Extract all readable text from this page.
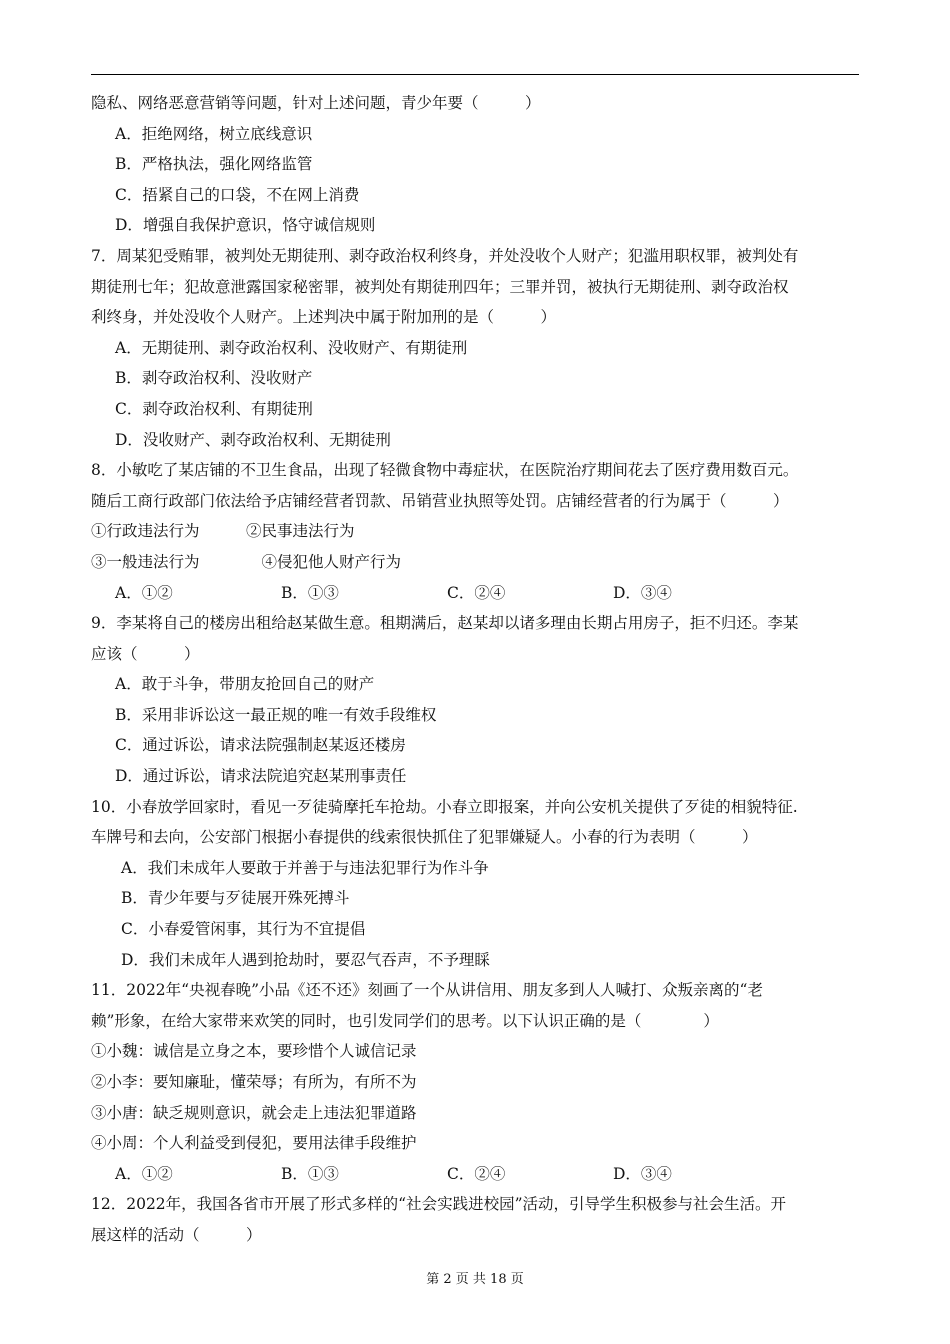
隐私、网络恶意营销等问题，针对上述问题，青少年要（　　　）
A．拒绝网络，树立底线意识
B．严格执法，强化网络监管
C．捂紧自己的口袋，不在网上消费
D．增强自我保护意识，恪守诚信规则
7．周某犯受贿罪，被判处无期徒刑、剥夺政治权利终身，并处没收个人财产；犯滥用职权罪，被判处有
期徒刑七年；犯故意泄露国家秘密罪，被判处有期徒刑四年；三罪并罚，被执行无期徒刑、剥夺政治权
利终身，并处没收个人财产。上述判决中属于附加刑的是（　　　）
A．无期徒刑、剥夺政治权利、没收财产、有期徒刑
B．剥夺政治权利、没收财产
C．剥夺政治权利、有期徒刑
D．没收财产、剥夺政治权利、无期徒刑
8．小敏吃了某店铺的不卫生食品，出现了轻微食物中毒症状，在医院治疗期间花去了医疗费用数百元。
随后工商行政部门依法给予店铺经营者罚款、吊销营业执照等处罚。店铺经营者的行为属于（　　　）
①行政违法行为　　　②民事违法行为
③一般违法行为　　　　④侵犯他人财产行为
A．①②	B．①③	C．②④	D．③④
9．李某将自己的楼房出租给赵某做生意。租期满后，赵某却以诸多理由长期占用房子，拒不归还。李某
应该（　　　）
A．敢于斗争，带朋友抢回自己的财产
B．采用非诉讼这一最正规的唯一有效手段维权
C．通过诉讼，请求法院强制赵某返还楼房
D．通过诉讼，请求法院追究赵某刑事责任
10．小春放学回家时，看见一歹徒骑摩托车抢劫。小春立即报案，并向公安机关提供了歹徒的相貌特征.
车牌号和去向，公安部门根据小春提供的线索很快抓住了犯罪嫌疑人。小春的行为表明（　　　）
A．我们未成年人要敢于并善于与违法犯罪行为作斗争
B．青少年要与歹徒展开殊死搏斗
C．小春爱管闲事，其行为不宜提倡
D．我们未成年人遇到抢劫时，要忍气吞声，不予理睬
11．2022年“央视春晚”小品《还不还》刻画了一个从讲信用、朋友多到人人喊打、众叛亲离的“老
赖”形象，在给大家带来欢笑的同时，也引发同学们的思考。以下认识正确的是（　　　　）
①小魏：诚信是立身之本，要珍惜个人诚信记录
②小李：要知廉耻，懂荣辱；有所为，有所不为
③小唐：缺乏规则意识，就会走上违法犯罪道路
④小周：个人利益受到侵犯，要用法律手段维护
A．①②	B．①③	C．②④	D．③④
12．2022年，我国各省市开展了形式多样的“社会实践进校园”活动，引导学生积极参与社会生活。开
展这样的活动（　　　）
第 2 页 共 18 页
